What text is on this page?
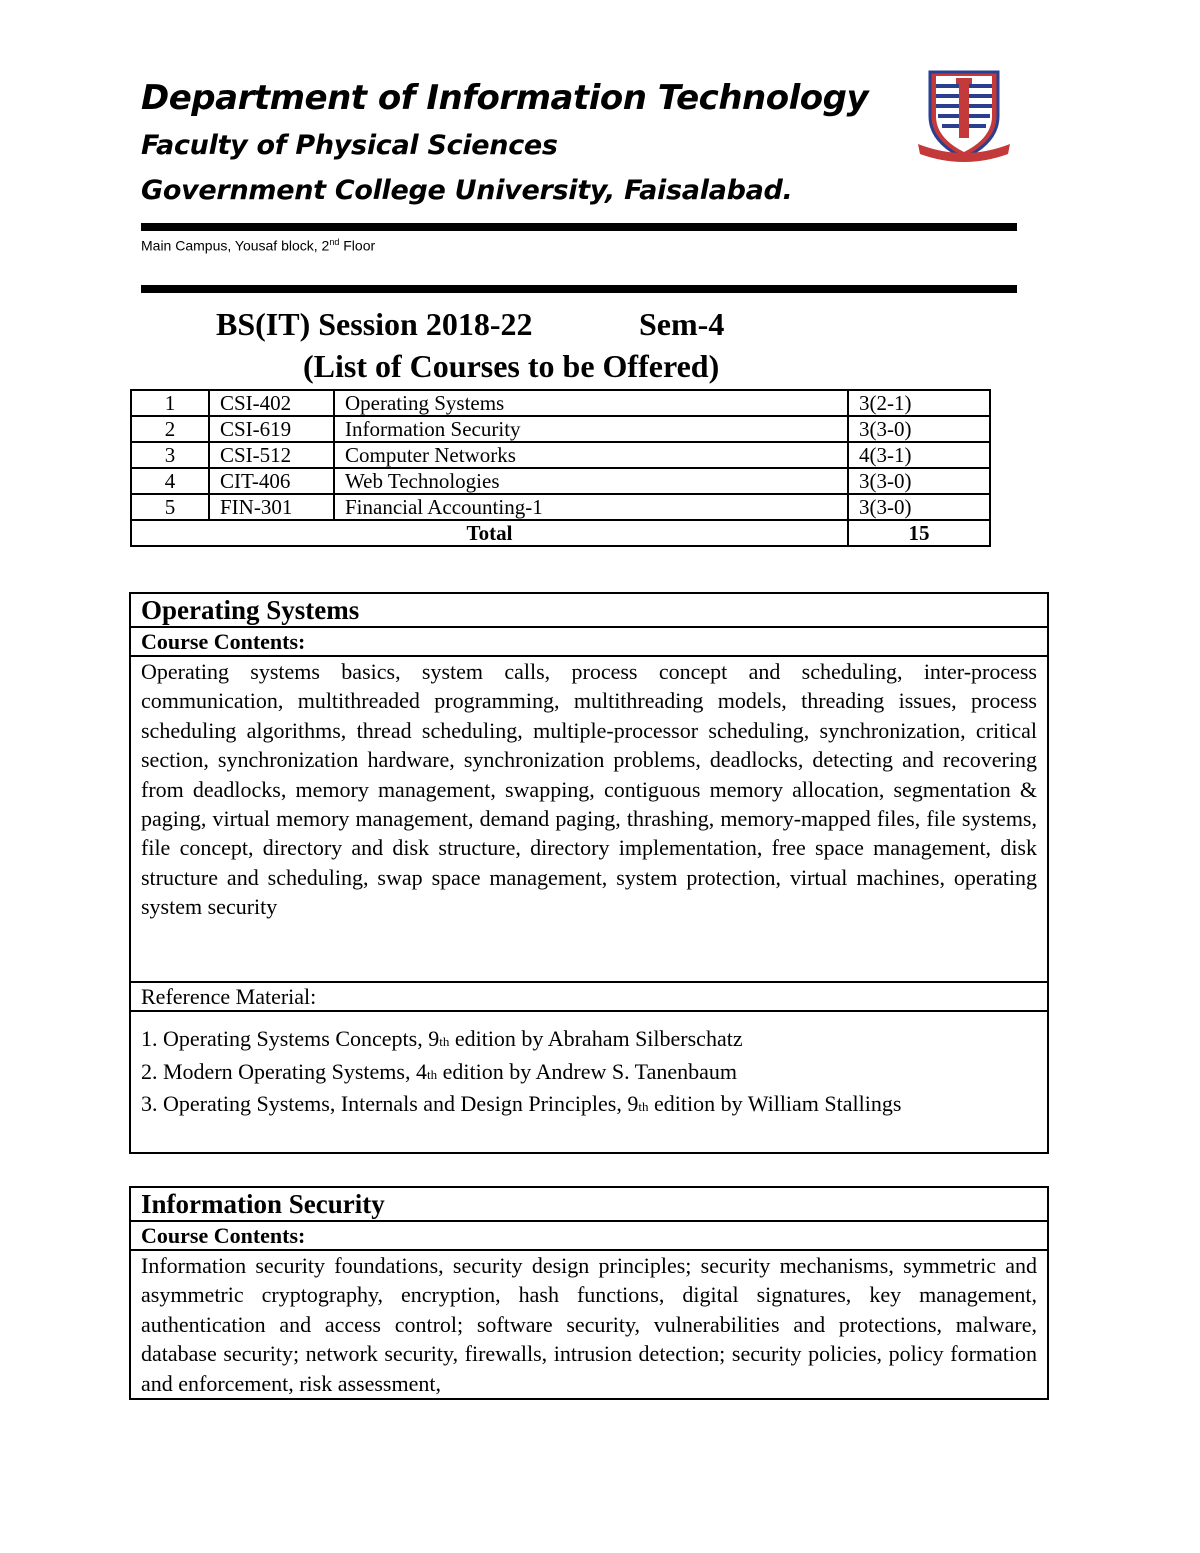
Department of Information Technology
Faculty of Physical Sciences
Government College University, Faisalabad.
Main Campus, Yousaf block, 2nd Floor
BS(IT) Session 2018-22	Sem-4
(List of Courses to be Offered)
1	CSI-402	Operating Systems	3(2-1)
2	CSI-619	Information Security	3(3-0)
3	CSI-512	Computer Networks	4(3-1)
4	CIT-406	Web Technologies	3(3-0)
5	FIN-301	Financial Accounting-1	3(3-0)
Total			15
Operating Systems
Course Contents:
Operating systems basics, system calls, process concept and scheduling, inter-process communication, multithreaded programming, multithreading models, threading issues, process scheduling algorithms, thread scheduling, multiple-processor scheduling, synchronization, critical section, synchronization hardware, synchronization problems, deadlocks, detecting and recovering from deadlocks, memory management, swapping, contiguous memory allocation, segmentation & paging, virtual memory management, demand paging, thrashing, memory-mapped files, file systems, file concept, directory and disk structure, directory implementation, free space management, disk structure and scheduling, swap space management, system protection, virtual machines, operating system security
Reference Material:
1. Operating Systems Concepts, 9th edition by Abraham Silberschatz
2. Modern Operating Systems, 4th edition by Andrew S. Tanenbaum
3. Operating Systems, Internals and Design Principles, 9th edition by William Stallings
Information Security
Course Contents:
Information security foundations, security design principles; security mechanisms, symmetric and asymmetric cryptography, encryption, hash functions, digital signatures, key management, authentication and access control; software security, vulnerabilities and protections, malware, database security; network security, firewalls, intrusion detection; security policies, policy formation and enforcement, risk assessment,
